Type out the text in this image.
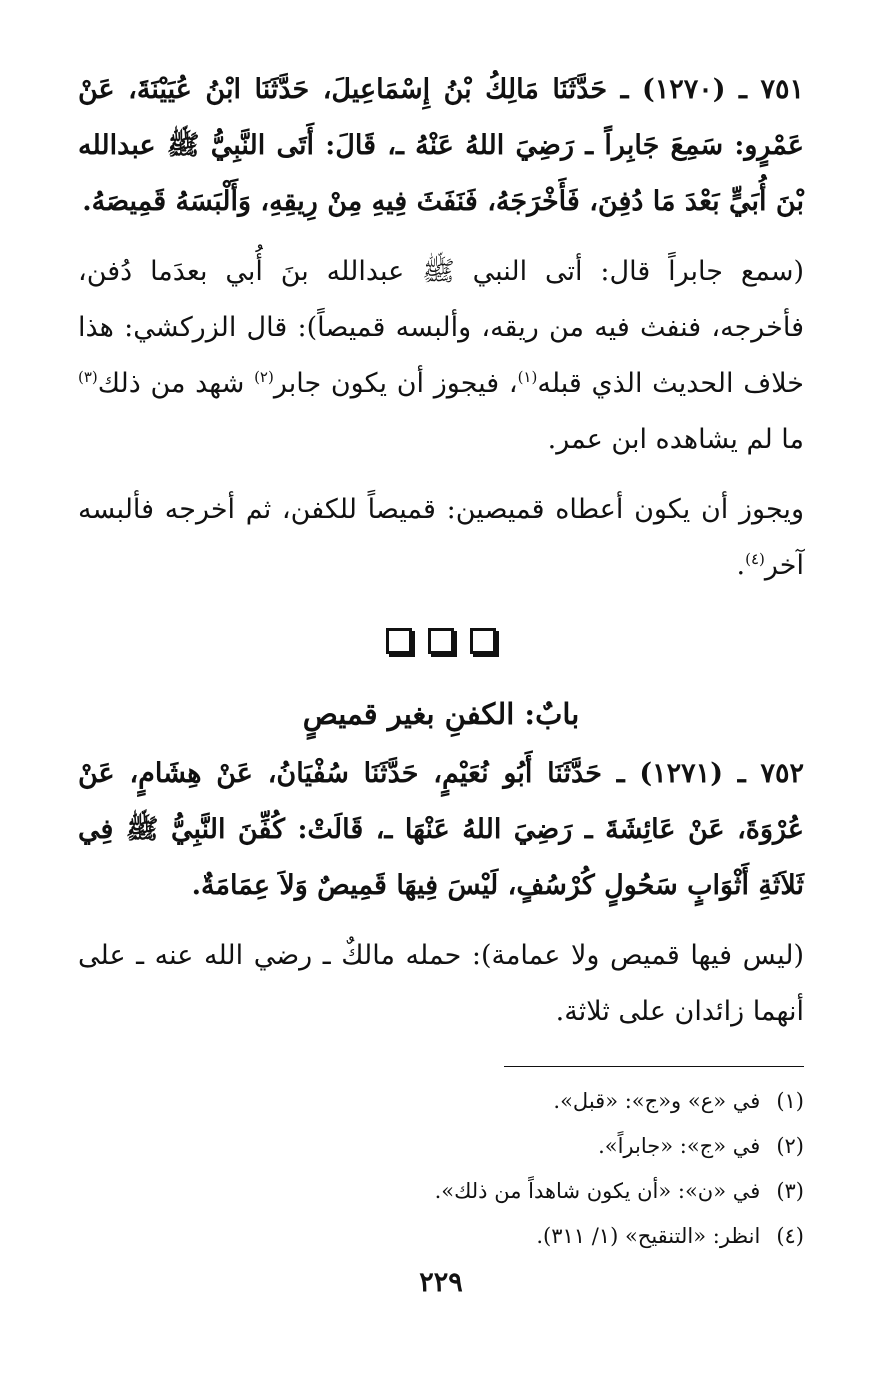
٧٥١ ـ (١٢٧٠) ـ حَدَّثَنَا مَالِكُ بْنُ إِسْمَاعِيلَ، حَدَّثَنَا ابْنُ عُيَيْنَةَ، عَنْ عَمْرٍو: سَمِعَ جَابِراً ـ رَضِيَ اللهُ عَنْهُ ـ، قَالَ: أَتَى النَّبِيُّ ﷺ عبدالله بْنَ أُبَيٍّ بَعْدَ مَا دُفِنَ، فَأَخْرَجَهُ، فَنَفَثَ فِيهِ مِنْ رِيقِهِ، وَأَلْبَسَهُ قَمِيصَهُ.

(سمع جابراً قال: أتى النبي ﷺ عبدالله بنَ أُبي بعدَما دُفن، فأخرجه، فنفث فيه من ريقه، وألبسه قميصاً): قال الزركشي: هذا خلاف الحديث الذي قبله$^{(١)}$، فيجوز أن يكون جابر$^{(٢)}$ شهد من ذلك$^{(٣)}$ ما لم يشاهده ابن عمر.

ويجوز أن يكون أعطاه قميصين: قميصاً للكفن، ثم أخرجه فألبسه آخر$^{(٤)}$.

بابٌ: الكفنِ بغير قميصٍ

٧٥٢ ـ (١٢٧١) ـ حَدَّثَنَا أَبُو نُعَيْمٍ، حَدَّثَنَا سُفْيَانُ، عَنْ هِشَامٍ، عَنْ عُرْوَةَ، عَنْ عَائِشَةَ ـ رَضِيَ اللهُ عَنْهَا ـ، قَالَتْ: كُفِّنَ النَّبِيُّ ﷺ فِي ثَلاَثَةِ أَثْوَابٍ سَحُولٍ كُرْسُفٍ، لَيْسَ فِيهَا قَمِيصٌ وَلاَ عِمَامَةٌ.

(ليس فيها قميص ولا عمامة): حمله مالكٌ ـ رضي الله عنه ـ على أنهما زائدان على ثلاثة.

(١)في «ع» و«ج»: «قبل».
(٢)في «ج»: «جابراً».
(٣)في «ن»: «أن يكون شاهداً من ذلك».
(٤)انظر: «التنقيح» (١/ ٣١١).
٢٢٩
